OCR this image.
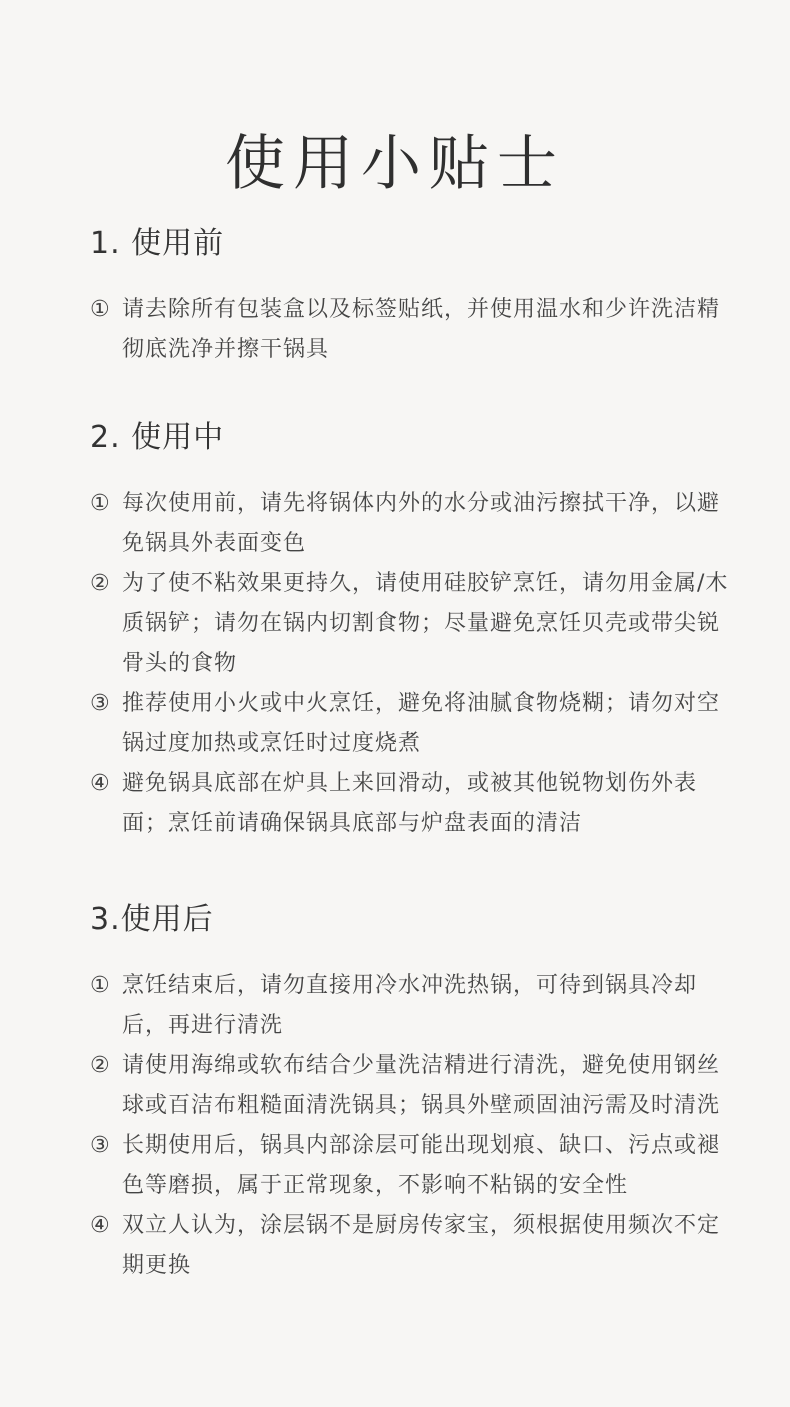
使用小贴士
1. 使用前
① 请去除所有包装盒以及标签贴纸，并使用温水和少许洗洁精彻底洗净并擦干锅具
2. 使用中
① 每次使用前，请先将锅体内外的水分或油污擦拭干净，以避免锅具外表面变色
② 为了使不粘效果更持久，请使用硅胶铲烹饪，请勿用金属/木质锅铲；请勿在锅内切割食物；尽量避免烹饪贝壳或带尖锐骨头的食物
③ 推荐使用小火或中火烹饪，避免将油腻食物烧糊；请勿对空锅过度加热或烹饪时过度烧煮
④ 避免锅具底部在炉具上来回滑动，或被其他锐物划伤外表面；烹饪前请确保锅具底部与炉盘表面的清洁
3.使用后
① 烹饪结束后，请勿直接用冷水冲洗热锅，可待到锅具冷却后，再进行清洗
② 请使用海绵或软布结合少量洗洁精进行清洗，避免使用钢丝球或百洁布粗糙面清洗锅具；锅具外壁顽固油污需及时清洗
③ 长期使用后，锅具内部涂层可能出现划痕、缺口、污点或褪色等磨损，属于正常现象，不影响不粘锅的安全性
④ 双立人认为，涂层锅不是厨房传家宝，须根据使用频次不定期更换
